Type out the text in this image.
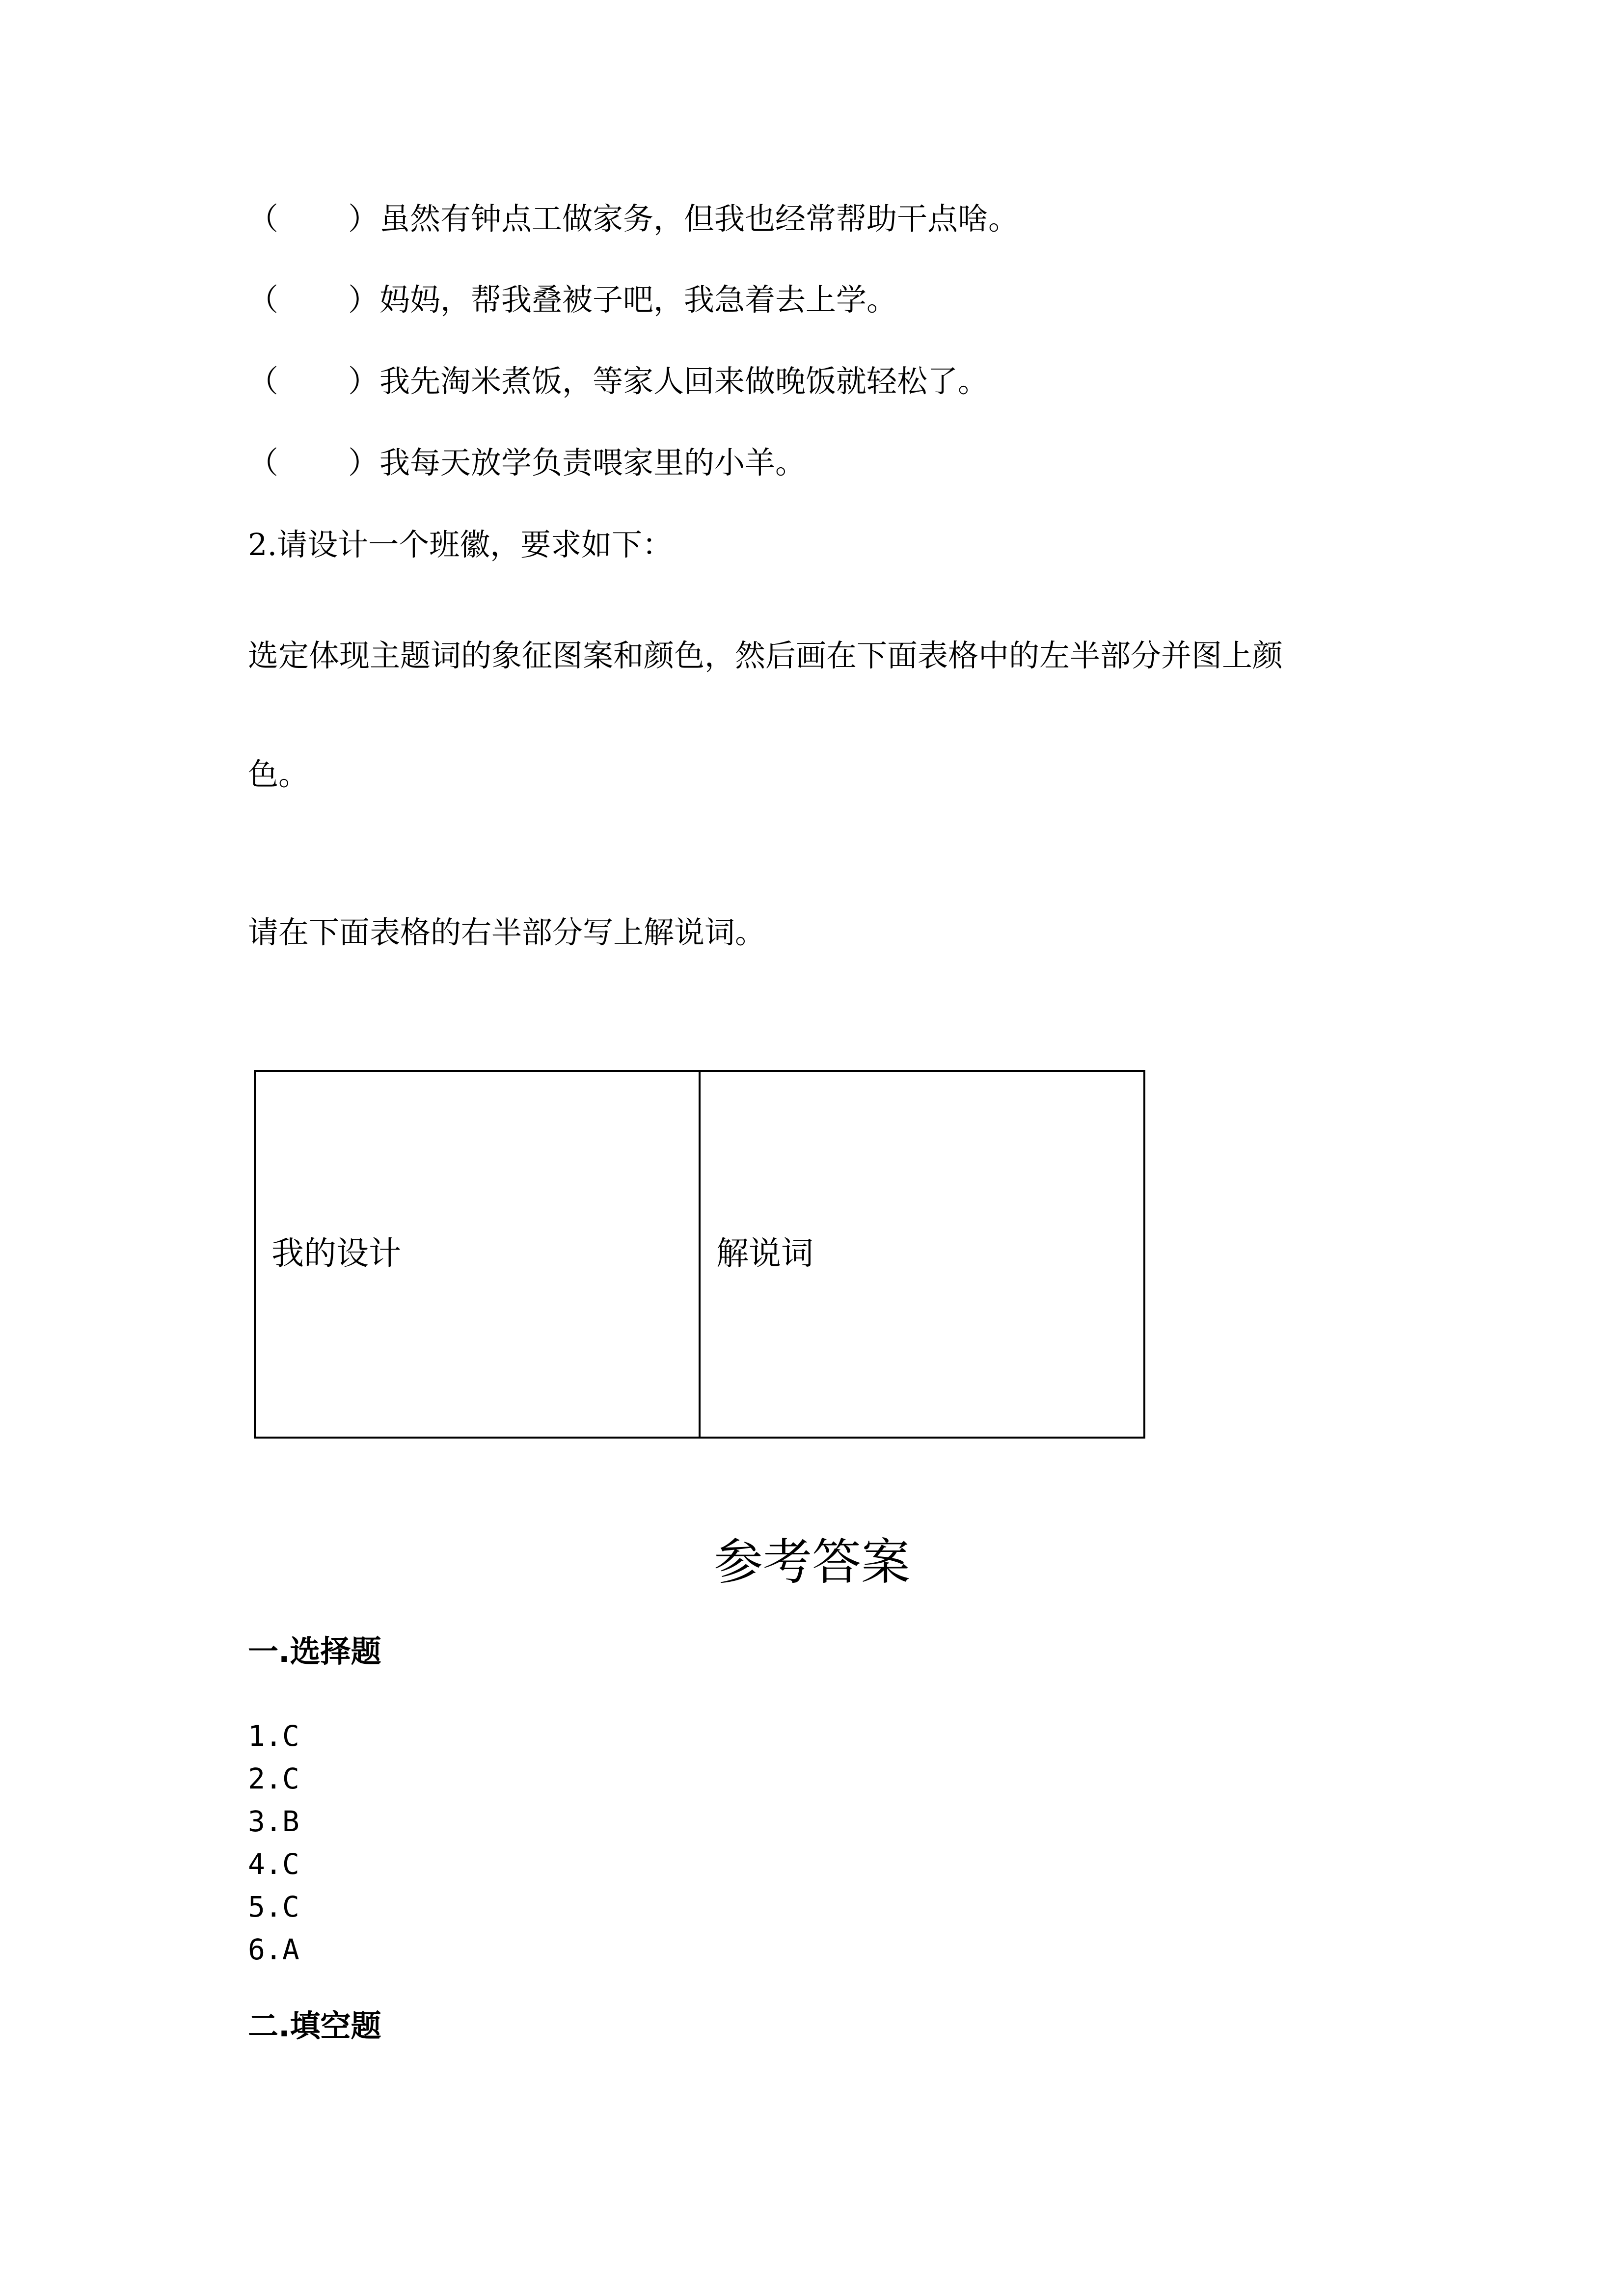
（ ）虽然有钟点工做家务，但我也经常帮助干点啥。
（ ）妈妈，帮我叠被子吧，我急着去上学。
（ ）我先淘米煮饭，等家人回来做晚饭就轻松了。
（ ）我每天放学负责喂家里的小羊。
2.请设计一个班徽，要求如下：
选定体现主题词的象征图案和颜色，然后画在下面表格中的左半部分并图上颜
色。
请在下面表格的右半部分写上解说词。
我的设计	解说词
参考答案
一.选择题
1.C
2.C
3.B
4.C
5.C
6.A
二.填空题
